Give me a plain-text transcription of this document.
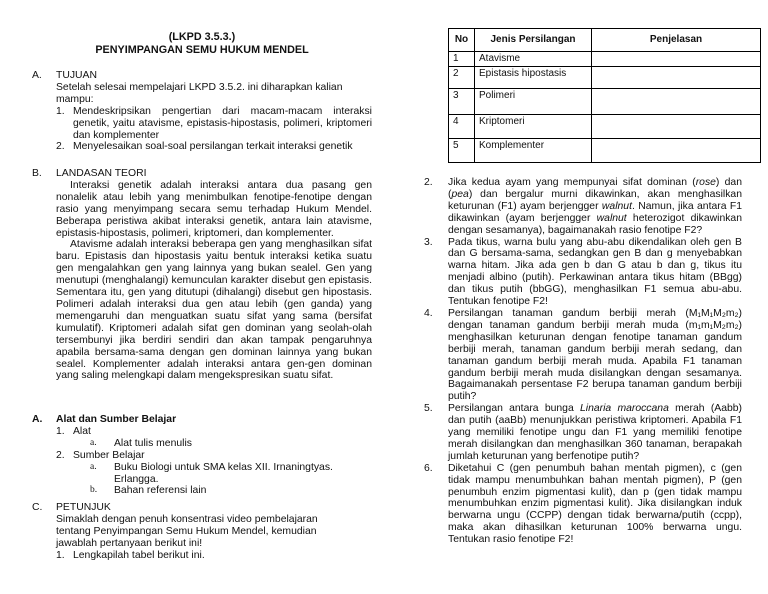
(LKPD 3.5.3.)
PENYIMPANGAN SEMU HUKUM MENDEL
A.	TUJUAN
Setelah selesai mempelajari LKPD 3.5.2. ini diharapkan kalian mampu:
1. Mendeskripsikan pengertian dari macam-macam interaksi genetik, yaitu atavisme, epistasis-hipostasis, polimeri, kriptomeri dan komplementer
2. Menyelesaikan soal-soal persilangan terkait interaksi genetik
B.	LANDASAN TEORI
Interaksi genetik adalah interaksi antara dua pasang gen nonalelik atau lebih yang menimbulkan fenotipe-fenotipe dengan rasio yang menyimpang secara semu terhadap Hukum Mendel. Beberapa peristiwa akibat interaksi genetik, antara lain atavisme, epistasis-hipostasis, polimeri, kriptomeri, dan komplementer.
Atavisme adalah interaksi beberapa gen yang menghasilkan sifat baru. Epistasis dan hipostasis yaitu bentuk interaksi ketika suatu gen mengalahkan gen yang lainnya yang bukan sealel. Gen yang menutupi (menghalangi) kemunculan karakter disebut gen epistasis. Sementara itu, gen yang ditutupi (dihalangi) disebut gen hipostasis. Polimeri adalah interaksi dua gen atau lebih (gen ganda) yang memengaruhi dan menguatkan suatu sifat yang sama (bersifat kumulatif). Kriptomeri adalah sifat gen dominan yang seolah-olah tersembunyi jika berdiri sendiri dan akan tampak pengaruhnya apabila bersama-sama dengan gen dominan lainnya yang bukan sealel. Komplementer adalah interaksi antara gen-gen dominan yang saling melengkapi dalam mengekspresikan suatu sifat.
A.	Alat dan Sumber Belajar
1. Alat
a.	Alat tulis menulis
2. Sumber Belajar
a.	Buku Biologi untuk SMA kelas XII. Irnaningtyas. Erlangga.
b.	Bahan referensi lain
C.	PETUNJUK
Simaklah dengan penuh konsentrasi video pembelajaran tentang Penyimpangan Semu Hukum Mendel, kemudian jawablah pertanyaan berikut ini!
1. Lengkapilah tabel berikut ini.
No	Jenis Persilangan	Penjelasan
1	Atavisme	
2	Epistasis hipostasis	
3	Polimeri	
4	Kriptomeri	
5	Komplementer	
2.	Jika kedua ayam yang mempunyai sifat dominan (rose) dan (pea) dan bergalur murni dikawinkan, akan menghasilkan keturunan (F1) ayam berjengger walnut. Namun, jika antara F1 dikawinkan (ayam berjengger walnut heterozigot dikawinkan dengan sesamanya), bagaimanakah rasio fenotipe F2?
3.	Pada tikus, warna bulu yang abu-abu dikendalikan oleh gen B dan G bersama-sama, sedangkan gen B dan g menyebabkan warna hitam. Jika ada gen b dan G atau b dan g, tikus itu menjadi albino (putih). Perkawinan antara tikus hitam (BBgg) dan tikus putih (bbGG), menghasilkan F1 semua abu-abu. Tentukan fenotipe F2!
4.	Persilangan tanaman gandum berbiji merah (M₁M₁M₂m₂) dengan tanaman gandum berbiji merah muda (m₁m₁M₂m₂) menghasilkan keturunan dengan fenotipe tanaman gandum berbiji merah, tanaman gandum berbiji merah sedang, dan tanaman gandum berbiji merah muda. Apabila F1 tanaman gandum berbiji merah muda disilangkan dengan sesamanya. Bagaimanakah persentase F2 berupa tanaman gandum berbiji putih?
5.	Persilangan antara bunga Linaria maroccana merah (Aabb) dan putih (aaBb) menunjukkan peristiwa kriptomeri. Apabila F1 yang memiliki fenotipe ungu dan F1 yang memiliki fenotipe merah disilangkan dan menghasilkan 360 tanaman, berapakah jumlah keturunan yang berfenotipe putih?
6.	Diketahui C (gen penumbuh bahan mentah pigmen), c (gen tidak mampu menumbuhkan bahan mentah pigmen), P (gen penumbuh enzim pigmentasi kulit), dan p (gen tidak mampu menumbuhkan enzim pigmentasi kulit). Jika disilangkan induk berwarna ungu (CCPP) dengan tidak berwarna/putih (ccpp), maka akan dihasilkan keturunan 100% berwarna ungu. Tentukan rasio fenotipe F2!
